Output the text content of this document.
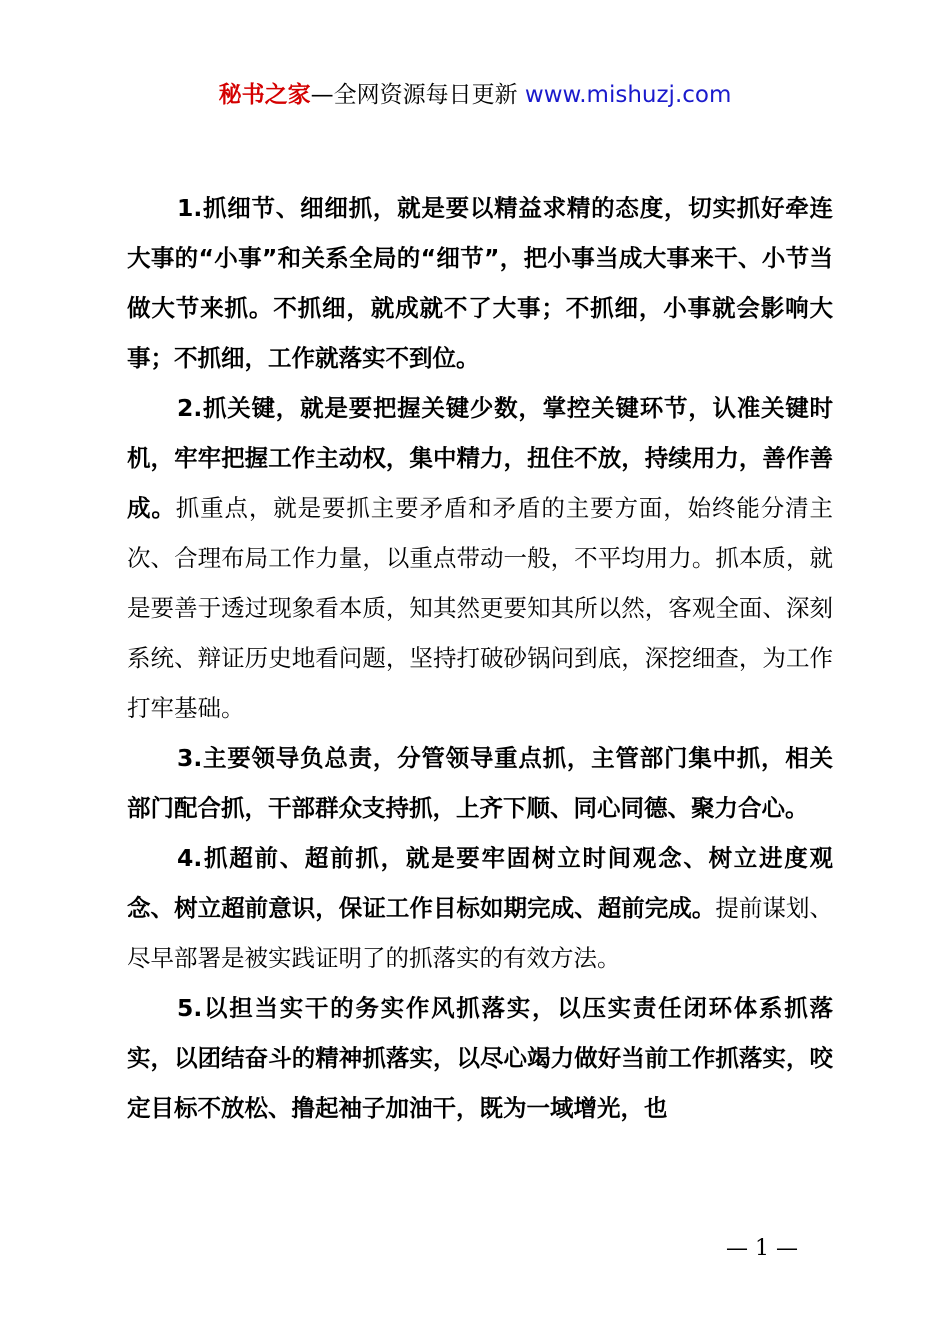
秘书之家—全网资源每日更新 www.mishuzj.com

1.抓细节、细细抓，就是要以精益求精的态度，切实抓好牵连大事的“小事”和关系全局的“细节”，把小事当成大事来干、小节当做大节来抓。不抓细，就成就不了大事；不抓细，小事就会影响大事；不抓细，工作就落实不到位。

2.抓关键，就是要把握关键少数，掌控关键环节，认准关键时机，牢牢把握工作主动权，集中精力，扭住不放，持续用力，善作善成。抓重点，就是要抓主要矛盾和矛盾的主要方面，始终能分清主次、合理布局工作力量，以重点带动一般，不平均用力。抓本质，就是要善于透过现象看本质，知其然更要知其所以然，客观全面、深刻系统、辩证历史地看问题，坚持打破砂锅问到底，深挖细查，为工作打牢基础。

3.主要领导负总责，分管领导重点抓，主管部门集中抓，相关部门配合抓，干部群众支持抓，上齐下顺、同心同德、聚力合心。

4.抓超前、超前抓，就是要牢固树立时间观念、树立进度观念、树立超前意识，保证工作目标如期完成、超前完成。提前谋划、尽早部署是被实践证明了的抓落实的有效方法。

5.以担当实干的务实作风抓落实，以压实责任闭环体系抓落实，以团结奋斗的精神抓落实，以尽心竭力做好当前工作抓落实，咬定目标不放松、撸起袖子加油干，既为一域增光，也

— 1 —
